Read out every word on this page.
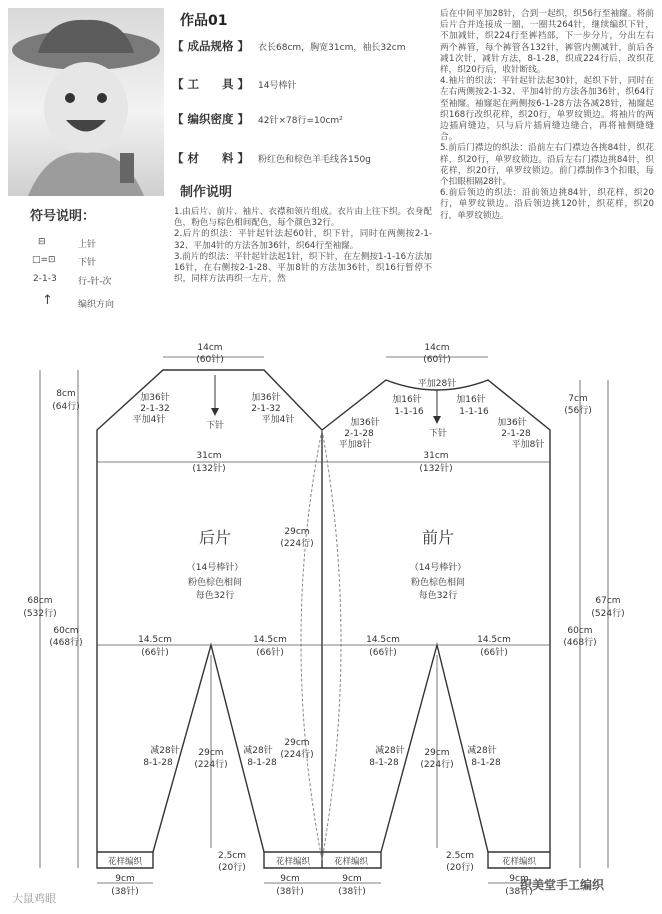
作品01
【 成品规格 】 衣长68cm，胸宽31cm，袖长32cm
【 工　　具 】 14号棒针
【 编织密度 】 42针×78行=10cm²
【 材　　料 】 粉红色和棕色羊毛线各150g
制作说明
1.由后片、前片、袖片、衣襟和领片组成。衣片由上往下织。衣身配色，粉色与棕色相间配色，每个颜色32行。
2.后片的织法：平针起针法起60针，织下针，同时在两侧按2-1-32、平加4针的方法各加36针，织64行至袖窿。
3.前片的织法：平针起针法起1针，织下针，在左侧按1-1-16方法加16针，在右侧按2-1-28、平加8针的方法加36针，织16行暂停不织，同样方法再织一左片，然
后在中间平加28针，合到一起织，织56行至袖窿。将前后片合并连接成一圈，一圈共264针，继续编织下针，不加减针，织224行至裤裆部，下一步分片，分出左右两个裤管，每个裤管各132针，裤管内侧减针，前后各减1次针，减针方法，8-1-28，织成224行后，改织花样，织20行后，收针断线。
4.袖片的织法：平针起针法起30针，起织下针，同时在左右两侧按2-1-32、平加4针的方法各加36针，织64行至袖窿。袖窿起在两侧按6-1-28方法各减28针，袖窿起织168行改织花样，织20行，单罗纹锁边。将袖片的两边插肩缝边，只与后片插肩缝边缝合，再将袖侧缝缝合。
5.前后门襟边的织法：沿前左右门襟边各挑84针，织花样，织20行，单罗纹锁边。沿后左右门襟边挑84针，织花样，织20行，单罗纹锁边。前门襟制作3个扣眼，每个扣眼相隔28针。
6.前后领边的织法：沿前领边挑84针，织花样，织20行，单罗纹锁边。沿后领边挑120针，织花样，织20行，单罗纹锁边。
符号说明：
⊟	上针
□=⊡ 下针
2-1-3 行-针-次
↑	编织方向
14cm
(60针)
加36针
2-1-32
平加4针
加36针
2-1-32
平加4针
下针
31cm
(132针)
后片
（14号棒针）
粉色棕色相间
每色32行
14.5cm
(66针)
14.5cm
(66针)
减28针
8-1-28
减28针
8-1-28
29cm
(224行)
花样编织	花样编织
2.5cm
(20行)
9cm
(38针)
9cm
(38针)
14cm
(60针)
平加28针
加16针
1-1-16
加16针
1-1-16
加36针
2-1-28
平加8针
加36针
2-1-28
平加8针
下针
31cm
(132针)
前片
（14号棒针）
粉色棕色相间
每色32行
14.5cm
(66针)
14.5cm
(66针)
减28针
8-1-28
减28针
8-1-28
29cm
(224行)
花样编织	花样编织
2.5cm
(20行)
9cm
(38针)
9cm
(38针)
8cm
(64行)
68cm
(532行)
60cm
(468行)
29cm
(224行)
29cm
(224行)
7cm
(56行)
67cm
(524行)
60cm
(468行)
大鼠鸡眼
织美堂手工编织
